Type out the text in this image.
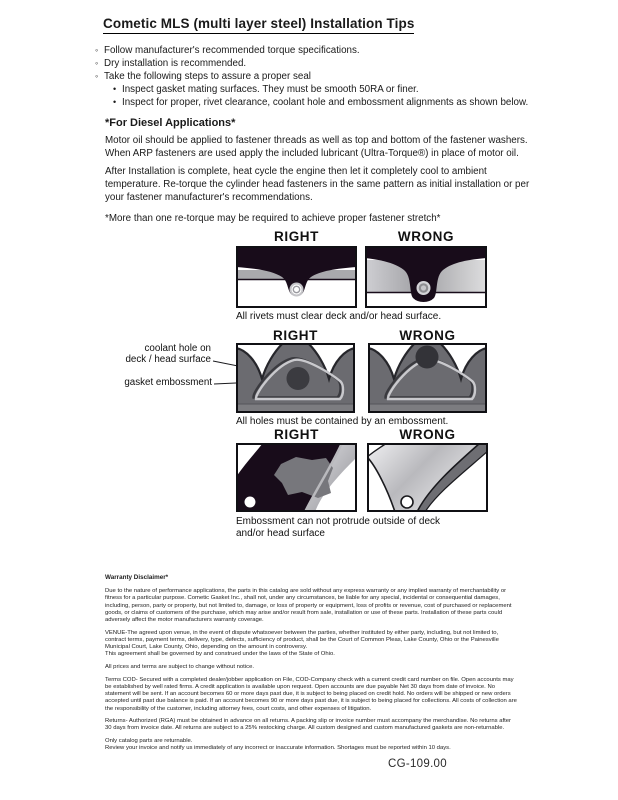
Cometic MLS (multi layer steel) Installation Tips
◦
Follow manufacturer's recommended torque specifications.
◦
Dry installation is recommended.
◦
Take the following steps to assure a proper seal
•
Inspect gasket mating surfaces. They must be smooth 50RA or finer.
•
Inspect for proper, rivet clearance, coolant hole and embossment alignments as shown below.
*For Diesel Applications*

Motor oil should be applied to fastener threads as well as top and bottom of the fastener washers. When ARP fasteners are used apply the included lubricant (Ultra-Torque®) in place of motor oil.

After Installation is complete, heat cycle the engine then let it completely cool to ambient temperature. Re-torque the cylinder head fasteners in the same pattern as initial installation or per your fastener manufacturer's recommendations.

*More than one re-torque may be required to achieve proper fastener stretch*

RIGHT	WRONG
All rivets must clear deck and/or head surface.
RIGHT	WRONG
coolant hole on
deck / head surface
gasket embossment
All holes must be contained by an embossment.
RIGHT	WRONG
Embossment can not protrude outside of deck
and/or head surface
Warranty Disclaimer*

Due to the nature of performance applications, the parts in this catalog are sold without any express warranty or any implied warranty of merchantability or fitness for a particular purpose. Cometic Gasket Inc., shall not, under any circumstances, be liable for any special, incidental or consequential damages, including, person, party or property, but not limited to, damage, or loss of property or equipment, loss of profits or revenue, cost of purchased or replacement goods, or claims of customers of the purchase, which may arise and/or result from sale, installation or use of these parts. Installation of these parts could adversely affect the motor manufacturers warranty coverage.

VENUE-The agreed upon venue, in the event of dispute whatsoever between the parties, whether instituted by either party, including, but not limited to, contract terms, payment terms, delivery, type, defects, sufficiency of product, shall be the Court of Common Pleas, Lake County, Ohio or the Painesville Municipal Court, Lake County, Ohio, depending on the amount in controversy.

This agreement shall be governed by and construed under the laws of the State of Ohio.

All prices and terms are subject to change without notice.

Terms COD- Secured with a completed dealer/jobber application on File, COD-Company check with a current credit card number on file. Open accounts may be established by well rated firms. A credit application is available upon request. Open accounts are due payable Net 30 days from date of invoice. No statement will be sent. If an account becomes 60 or more days past due, it is subject to being placed on credit hold. No orders will be shipped or new orders accepted until past due balance is paid. If an account becomes 90 or more days past due, it is subject to being placed for collections. All costs of collection are the responsibility of the customer, including attorney fees, court costs, and other expenses of litigation.

Returns- Authorized (RGA) must be obtained in advance on all returns. A packing slip or invoice number must accompany the merchandise. No returns after 30 days from invoice date. All returns are subject to a 25% restocking charge. All custom designed and custom manufactured gaskets are non-returnable.

Only catalog parts are returnable.

Review your invoice and notify us immediately of any incorrect or inaccurate information. Shortages must be reported within 10 days.

CG-109.00
